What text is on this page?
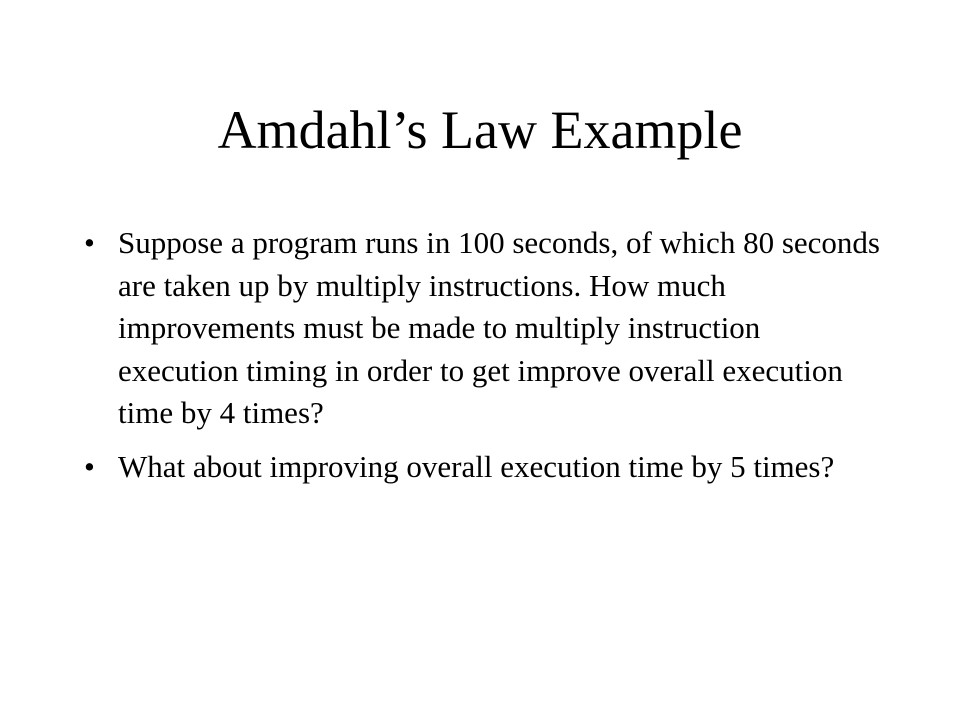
Amdahl’s Law Example
• Suppose a program runs in 100 seconds, of which 80 seconds are taken up by multiply instructions. How much improvements must be made to multiply instruction execution timing in order to get improve overall execution time by 4 times?
• What about improving overall execution time by 5 times?
